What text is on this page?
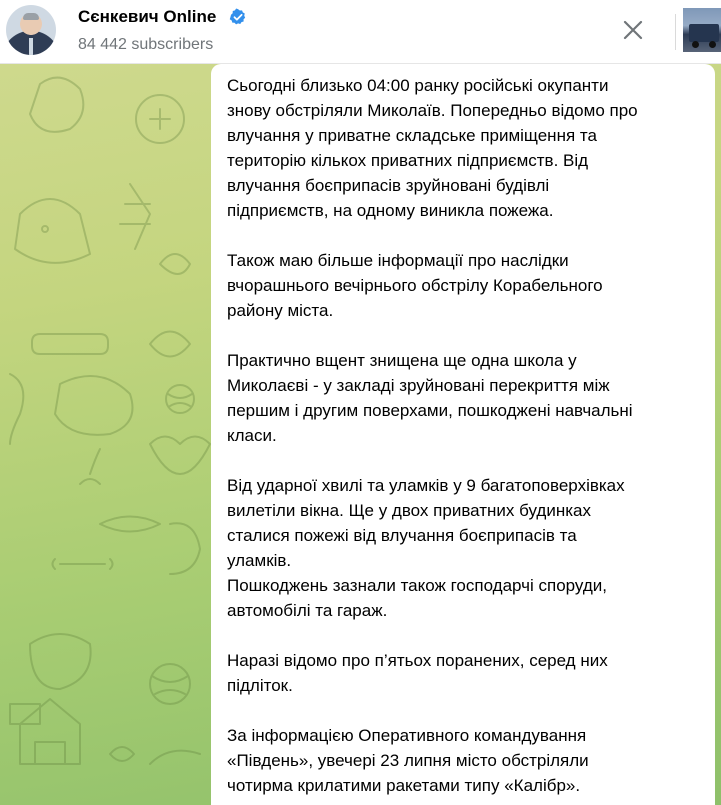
Сєнкевич Online
84 442 subscribers

Сьогодні близько 04:00 ранку російські окупанти
знову обстріляли Миколаїв. Попередньо відомо про
влучання у приватне складське приміщення та
територію кількох приватних підприємств. Від
влучання боєприпасів зруйновані будівлі
підприємств, на одному виникла пожежа.

Також маю більше інформації про наслідки
вчорашнього вечірнього обстрілу Корабельного
району міста.

Практично вщент знищена ще одна школа у
Миколаєві - у закладі зруйновані перекриття між
першим і другим поверхами, пошкоджені навчальні
класи.

Від ударної хвилі та уламків у 9 багатоповерхівках
вилетіли вікна. Ще у двох приватних будинках
сталися пожежі від влучання боєприпасів та
уламків.
Пошкоджень зазнали також господарчі споруди,
автомобілі та гараж.

Наразі відомо про п’ятьох поранених, серед них
підліток.

За інформацією Оперативного командування
«Південь», увечері 23 липня місто обстріляли
чотирма крилатими ракетами типу «Калібр».
